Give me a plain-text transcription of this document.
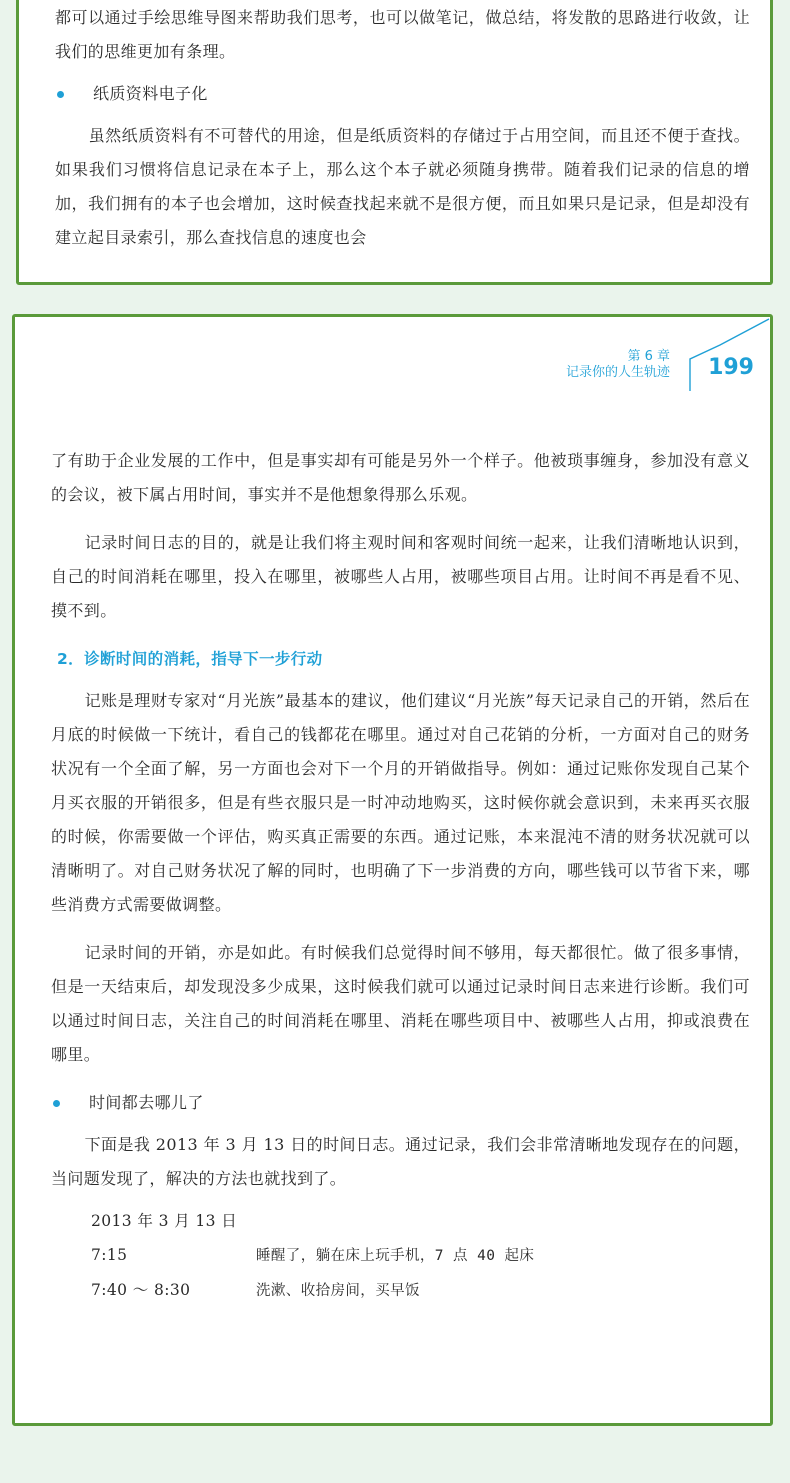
都可以通过手绘思维导图来帮助我们思考，也可以做笔记，做总结，将发散的思路进行收敛，让我们的思维更加有条理。

纸质资料电子化

虽然纸质资料有不可替代的用途，但是纸质资料的存储过于占用空间，而且还不便于查找。如果我们习惯将信息记录在本子上，那么这个本子就必须随身携带。随着我们记录的信息的增加，我们拥有的本子也会增加，这时候查找起来就不是很方便，而且如果只是记录，但是却没有建立起目录索引，那么查找信息的速度也会

第 6 章
记录你的人生轨迹 199

了有助于企业发展的工作中，但是事实却有可能是另外一个样子。他被琐事缠身，参加没有意义的会议，被下属占用时间，事实并不是他想象得那么乐观。

记录时间日志的目的，就是让我们将主观时间和客观时间统一起来，让我们清晰地认识到，自己的时间消耗在哪里，投入在哪里，被哪些人占用，被哪些项目占用。让时间不再是看不见、摸不到。

2．诊断时间的消耗，指导下一步行动

记账是理财专家对“月光族”最基本的建议，他们建议“月光族”每天记录自己的开销，然后在月底的时候做一下统计，看自己的钱都花在哪里。通过对自己花销的分析，一方面对自己的财务状况有一个全面了解，另一方面也会对下一个月的开销做指导。例如：通过记账你发现自己某个月买衣服的开销很多，但是有些衣服只是一时冲动地购买，这时候你就会意识到，未来再买衣服的时候，你需要做一个评估，购买真正需要的东西。通过记账，本来混沌不清的财务状况就可以清晰明了。对自己财务状况了解的同时，也明确了下一步消费的方向，哪些钱可以节省下来，哪些消费方式需要做调整。

记录时间的开销，亦是如此。有时候我们总觉得时间不够用，每天都很忙。做了很多事情，但是一天结束后，却发现没多少成果，这时候我们就可以通过记录时间日志来进行诊断。我们可以通过时间日志，关注自己的时间消耗在哪里、消耗在哪些项目中、被哪些人占用，抑或浪费在哪里。

时间都去哪儿了

下面是我 2013 年 3 月 13 日的时间日志。通过记录，我们会非常清晰地发现存在的问题，当问题发现了，解决的方法也就找到了。

2013 年 3 月 13 日
7:15	睡醒了，躺在床上玩手机，7 点 40 起床
7:40 ～ 8:30	洗漱、收拾房间，买早饭
